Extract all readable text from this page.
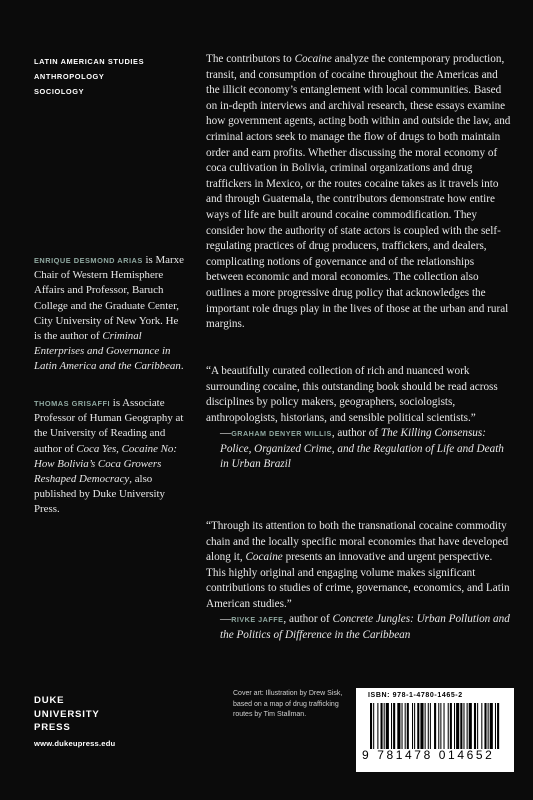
LATIN AMERICAN STUDIES
ANTHROPOLOGY
SOCIOLOGY

The contributors to Cocaine analyze the contemporary production, transit, and consumption of cocaine throughout the Americas and the illicit economy’s entanglement with local communities. Based on in-depth interviews and archival research, these essays examine how government agents, acting both within and outside the law, and criminal actors seek to manage the flow of drugs to both maintain order and earn profits. Whether discussing the moral economy of coca cultivation in Bolivia, criminal organizations and drug traffickers in Mexico, or the routes cocaine takes as it travels into and through Guatemala, the contributors demonstrate how entire ways of life are built around cocaine commodification. They consider how the authority of state actors is coupled with the self-regulating practices of drug producers, traffickers, and dealers, complicating notions of governance and of the relationships between economic and moral economies. The collection also outlines a more progressive drug policy that acknowledges the important role drugs play in the lives of those at the urban and rural margins.

ENRIQUE DESMOND ARIAS is Marxe Chair of Western Hemisphere Affairs and Professor, Baruch College and the Graduate Center, City University of New York. He is the author of Criminal Enterprises and Governance in Latin America and the Caribbean.
THOMAS GRISAFFI is Associate Professor of Human Geography at the University of Reading and author of Coca Yes, Cocaine No: How Bolivia’s Coca Growers Reshaped Democracy, also published by Duke University Press.
“A beautifully curated collection of rich and nuanced work surrounding cocaine, this outstanding book should be read across disciplines by policy makers, geographers, sociologists, anthropologists, historians, and sensible political scientists.”
—GRAHAM DENYER WILLIS, author of The Killing Consensus: Police, Organized Crime, and the Regulation of Life and Death in Urban Brazil
“Through its attention to both the transnational cocaine commodity chain and the locally specific moral economies that have developed along it, Cocaine presents an innovative and urgent perspective. This highly original and engaging volume makes significant contributions to studies of crime, governance, economics, and Latin American studies.”
—RIVKE JAFFE, author of Concrete Jungles: Urban Pollution and the Politics of Difference in the Caribbean
DUKE
UNIVERSITY
PRESS
www.dukeupress.edu
Cover art: Illustration by Drew Sisk, based on a map of drug trafficking routes by Tim Stallman.
ISBN: 978-1-4780-1465-2
9 781478 014652
